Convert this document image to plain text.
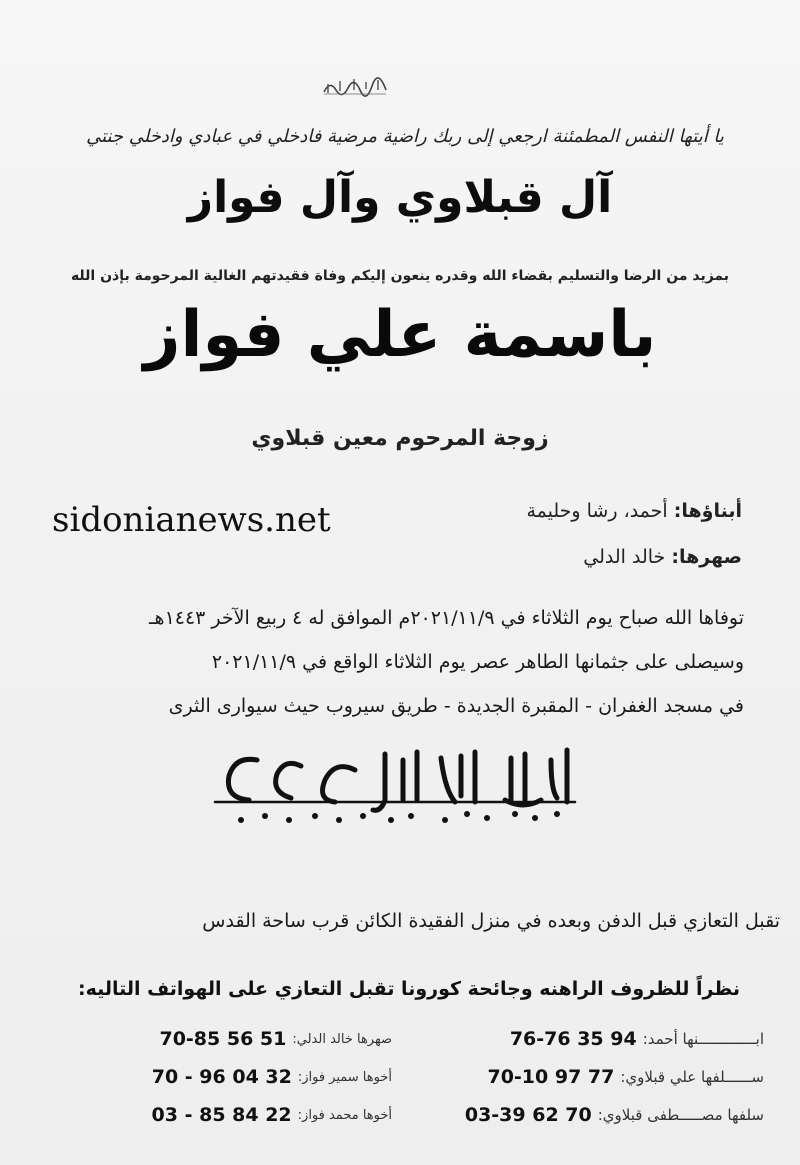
يا أيتها النفس المطمئنة ارجعي إلى ربك راضية مرضية فادخلي في عبادي وادخلي جنتي
آل قبلاوي وآل فواز
بمزيد من الرضا والتسليم بقضاء الله وقدره ينعون إليكم وفاة فقيدتهم الغالية المرحومة بإذن الله
باسمة علي فواز
زوجة المرحوم معين قبلاوي
أبناؤها: أحمد، رشا وحليمة
صهرها: خالد الدلي
sidonianews.net
توفاها الله صباح يوم الثلاثاء في ٢٠٢١/١١/٩م الموافق له ٤ ربيع الآخر ١٤٤٣هـ
وسيصلى على جثمانها الطاهر عصر يوم الثلاثاء الواقع في ٢٠٢١/١١/٩
في مسجد الغفران - المقبرة الجديدة - طريق سيروب حيث سيوارى الثرى
تقبل التعازي قبل الدفن وبعده في منزل الفقيدة الكائن قرب ساحة القدس
نظراً للظروف الراهنه وجائحة كورونا تقبل التعازي على الهواتف التاليه:
70-85 56 51 صهرها خالد الدلي:
70 - 96 04 32 أخوها سمير فواز:
03 - 85 84 22 أخوها محمد فواز:
76-76 35 94 ابـــــــــــــنها أحمد:
70-10 97 77 ســــــلفها علي قبلاوي:
03-39 62 70 سلفها مصـــــطفى قبلاوي:
